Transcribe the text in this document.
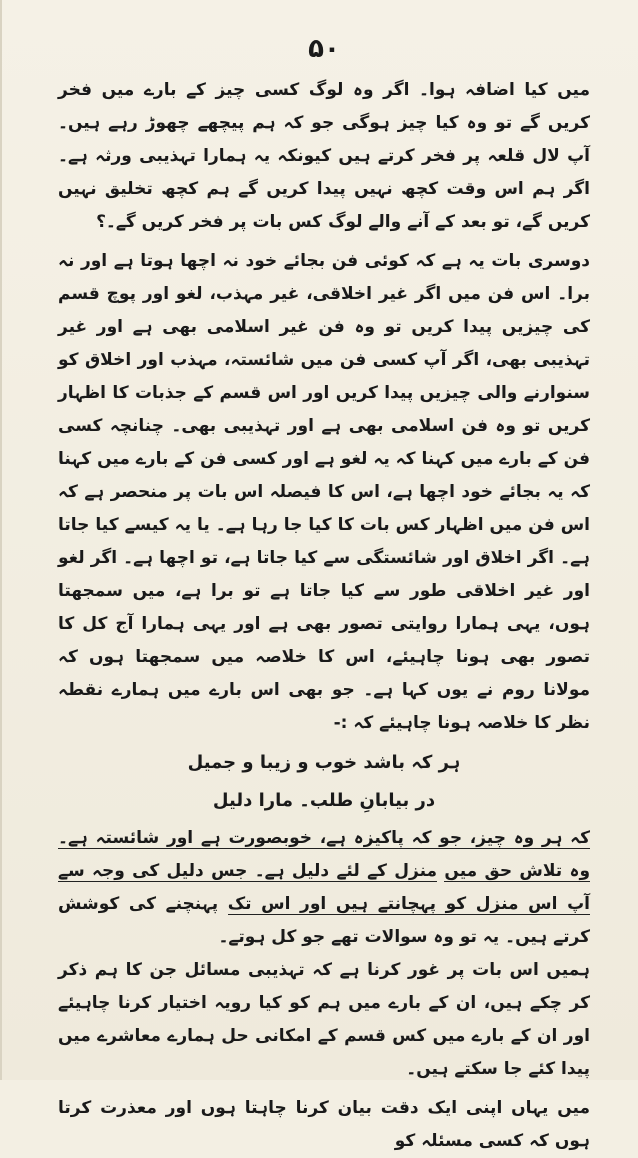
۵۰

میں کیا اضافہ ہوا۔ اگر وہ لوگ کسی چیز کے بارے میں فخر کریں گے تو وہ کیا چیز ہوگی جو کہ ہم پیچھے چھوڑ رہے ہیں۔ آپ لال قلعہ پر فخر کرتے ہیں کیونکہ یہ ہمارا تہذیبی ورثہ ہے۔ اگر ہم اس وقت کچھ نہیں پیدا کریں گے ہم کچھ تخلیق نہیں کریں گے، تو بعد کے آنے والے لوگ کس بات پر فخر کریں گے۔؟

دوسری بات یہ ہے کہ کوئی فن بجائے خود نہ اچھا ہوتا ہے اور نہ برا۔ اس فن میں اگر غیر اخلاقی، غیر مہذب، لغو اور پوچ قسم کی چیزیں پیدا کریں تو وہ فن غیر اسلامی بھی ہے اور غیر تہذیبی بھی، اگر آپ کسی فن میں شائستہ، مہذب اور اخلاق کو سنوارنے والی چیزیں پیدا کریں اور اس قسم کے جذبات کا اظہار کریں تو وہ فن اسلامی بھی ہے اور تہذیبی بھی۔ چنانچہ کسی فن کے بارے میں کہنا کہ یہ لغو ہے اور کسی فن کے بارے میں کہنا کہ یہ بجائے خود اچھا ہے، اس کا فیصلہ اس بات پر منحصر ہے کہ اس فن میں اظہار کس بات کا کیا جا رہا ہے۔ یا یہ کیسے کیا جاتا ہے۔ اگر اخلاق اور شائستگی سے کیا جاتا ہے، تو اچھا ہے۔ اگر لغو اور غیر اخلاقی طور سے کیا جاتا ہے تو برا ہے، میں سمجھتا ہوں، یہی ہمارا روایتی تصور بھی ہے اور یہی ہمارا آج کل کا تصور بھی ہونا چاہیئے، اس کا خلاصہ میں سمجھتا ہوں کہ مولانا روم نے یوں کہا ہے۔ جو بھی اس بارے میں ہمارے نقطہ نظر کا خلاصہ ہونا چاہیئے کہ :-

ہر کہ باشد خوب و زیبا و جمیل
در بیابانِ طلب۔ مارا دلیل

کہ ہر وہ چیز، جو کہ پاکیزہ ہے، خوبصورت ہے اور شائستہ ہے۔ وہ تلاش حق میں منزل کے لئے دلیل ہے۔ جس دلیل کی وجہ سے آپ اس منزل کو پہچانتے ہیں اور اس تک پہنچنے کی کوشش کرتے ہیں۔ یہ تو وہ سوالات تھے جو کل ہوتے۔

ہمیں اس بات پر غور کرنا ہے کہ تہذیبی مسائل جن کا ہم ذکر کر چکے ہیں، ان کے بارے میں ہم کو کیا رویہ اختیار کرنا چاہیئے اور ان کے بارے میں کس قسم کے امکانی حل ہمارے معاشرے میں پیدا کئے جا سکتے ہیں۔

میں یہاں اپنی ایک دقت بیان کرنا چاہتا ہوں اور معذرت کرتا ہوں کہ کسی مسئلہ کو
